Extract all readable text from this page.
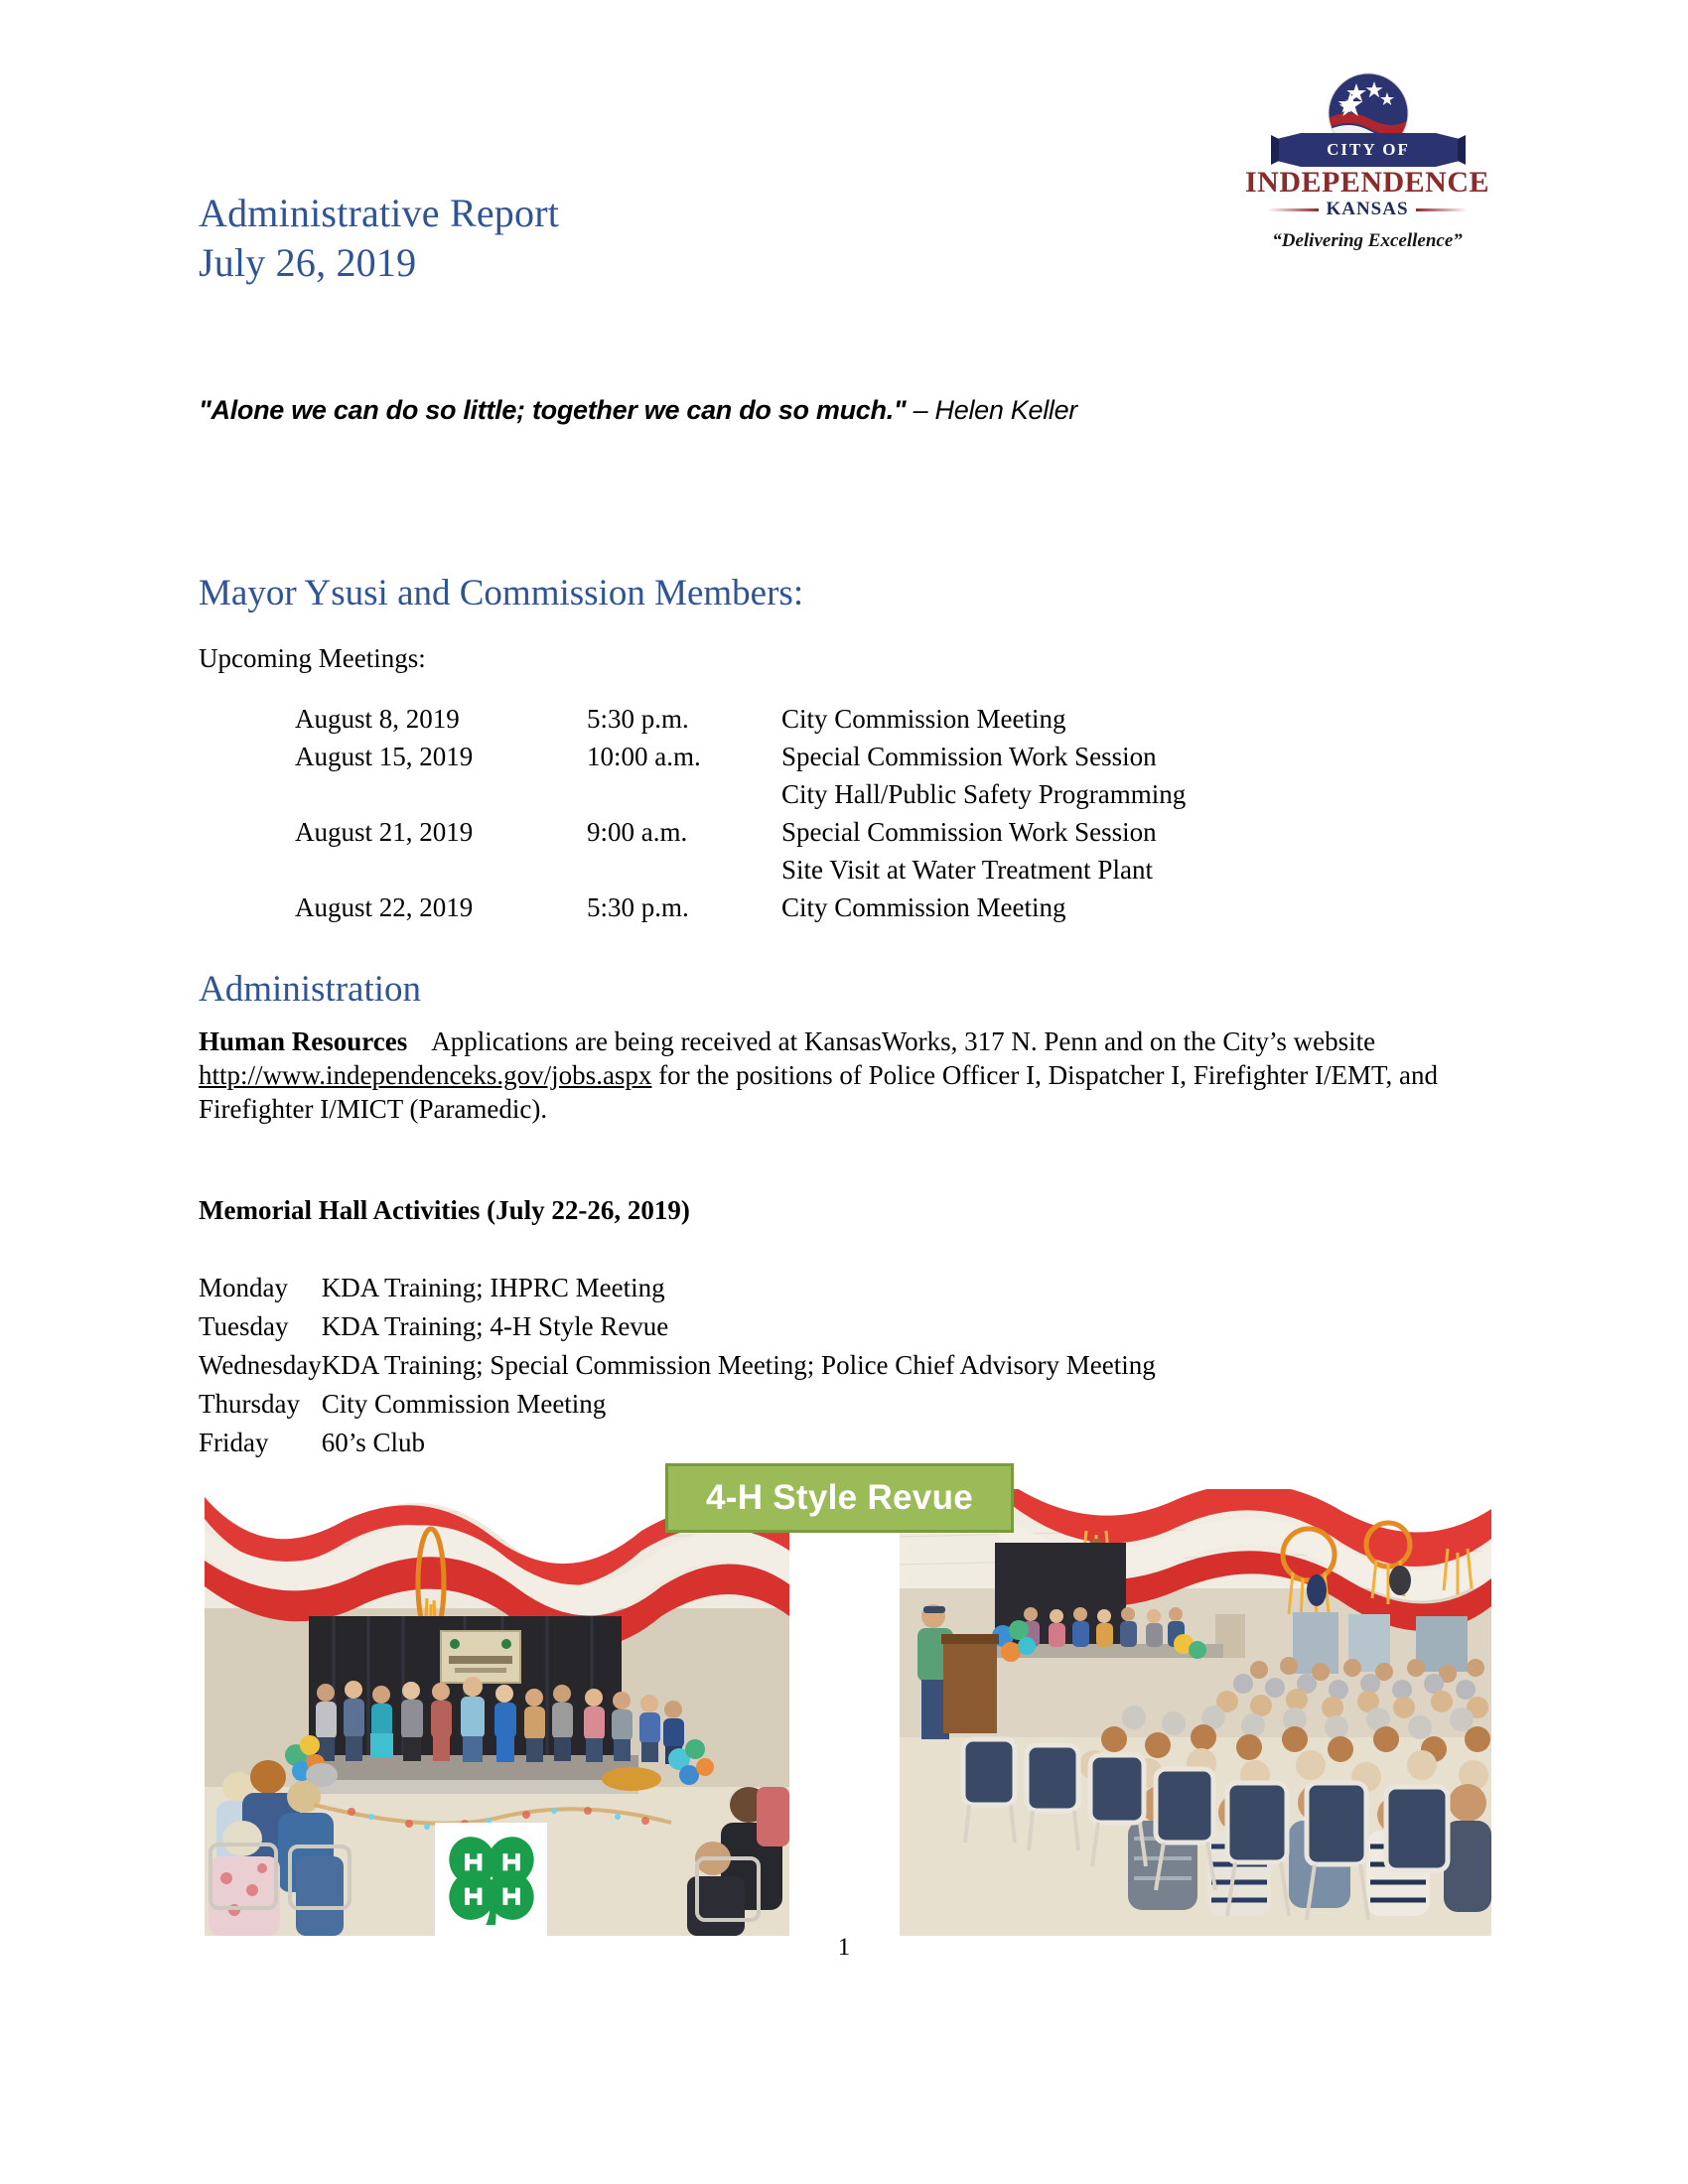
Administrative Report
July 26, 2019
CITY OF
INDEPENDENCE
KANSAS
“Delivering Excellence”
"Alone we can do so little; together we can do so much." – Helen Keller
Mayor Ysusi and Commission Members:
Upcoming Meetings:
August 8, 2019	5:30 p.m.	City Commission Meeting
August 15, 2019	10:00 a.m.	Special Commission Work Session
City Hall/Public Safety Programming

August 21, 2019	9:00 a.m.	Special Commission Work Session
Site Visit at Water Treatment Plant

August 22, 2019	5:30 p.m.	City Commission Meeting
Administration
Human Resources Applications are being received at KansasWorks, 317 N. Penn and on the City’s website http://www.independenceks.gov/jobs.aspx for the positions of Police Officer I, Dispatcher I, Firefighter I/EMT, and Firefighter I/MICT (Paramedic).
Memorial Hall Activities (July 22-26, 2019)
Monday	KDA Training; IHPRC Meeting
Tuesday	KDA Training; 4-H Style Revue
Wednesday	KDA Training; Special Commission Meeting; Police Chief Advisory Meeting
Thursday	City Commission Meeting
Friday	60’s Club
4-H Style Revue
1
